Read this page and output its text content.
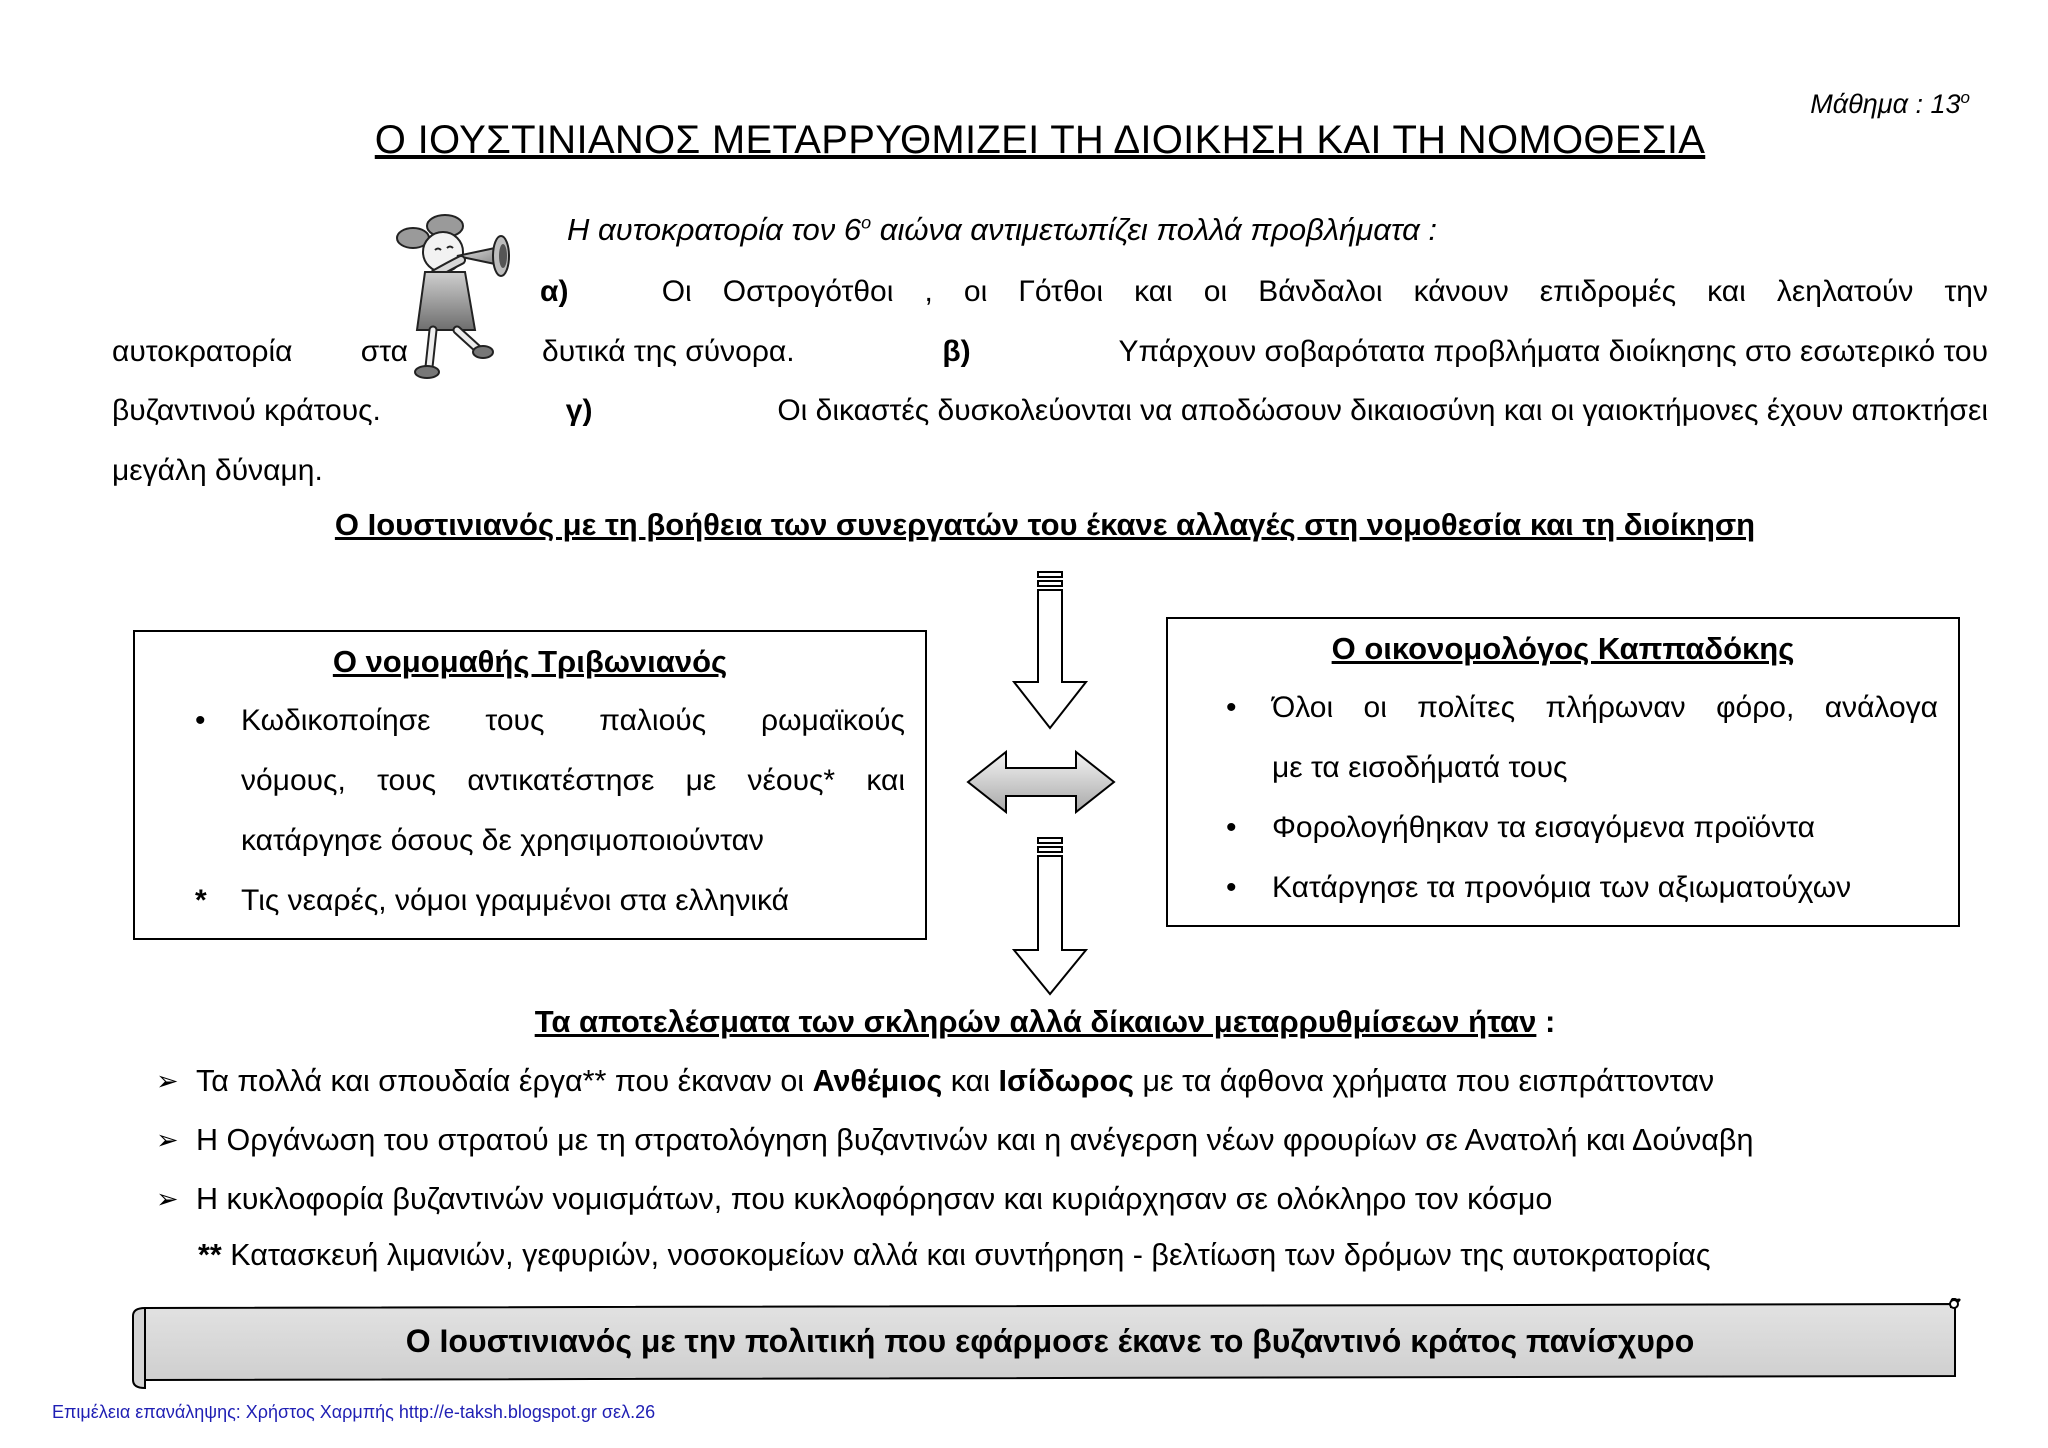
Μάθημα : $13^o$
Ο ΙΟΥΣΤΙΝΙΑΝΟΣ ΜΕΤΑΡΡΥΘΜΙΖΕΙ ΤΗ ΔΙΟΙΚΗΣΗ ΚΑΙ ΤΗ ΝΟΜΟΘΕΣΙΑ
Η αυτοκρατορία τον $6^o$ αιώνα αντιμετωπίζει πολλά προβλήματα :
α)	Οι Οστρογότθοι , οι Γότθοι και οι Βάνδαλοι κάνουν επιδρομές και λεηλατούν την
αυτοκρατορία στα	δυτικά της σύνορα.	β)	Υπάρχουν σοβαρότατα προβλήματα διοίκησης στο εσωτερικό του
βυζαντινού κράτους.	γ)	Οι δικαστές δυσκολεύονται να αποδώσουν δικαιοσύνη και οι γαιοκτήμονες έχουν αποκτήσει
μεγάλη δύναμη.
Ο Ιουστινιανός με τη βοήθεια των συνεργατών του έκανε αλλαγές στη νομοθεσία και τη διοίκηση
Ο νομομαθής Τριβωνιανός
• Κωδικοποίησε τους παλιούς ρωμαϊκούς
νόμους, τους αντικατέστησε με νέους* και
κατάργησε όσους δε χρησιμοποιούνταν
* Τις νεαρές, νόμοι γραμμένοι στα ελληνικά
Ο οικονομολόγος Καππαδόκης
• Όλοι οι πολίτες πλήρωναν φόρο, ανάλογα
με τα εισοδήματά τους
• Φορολογήθηκαν τα εισαγόμενα προϊόντα
• Κατάργησε τα προνόμια των αξιωματούχων
Τα αποτελέσματα των σκληρών αλλά δίκαιων μεταρρυθμίσεων ήταν :
➢ Τα πολλά και σπουδαία έργα** που έκαναν οι Ανθέμιος και Ισίδωρος με τα άφθονα χρήματα που εισπράττονταν
➢ Η Οργάνωση του στρατού με τη στρατολόγηση βυζαντινών και η ανέγερση νέων φρουρίων σε Ανατολή και Δούναβη
➢ Η κυκλοφορία βυζαντινών νομισμάτων, που κυκλοφόρησαν και κυριάρχησαν σε ολόκληρο τον κόσμο
** Κατασκευή λιμανιών, γεφυριών, νοσοκομείων αλλά και συντήρηση - βελτίωση των δρόμων της αυτοκρατορίας
Ο Ιουστινιανός με την πολιτική που εφάρμοσε έκανε το βυζαντινό κράτος πανίσχυρο
Επιμέλεια επανάληψης: Χρήστος Χαρμπής http://e-taksh.blogspot.gr σελ.26
